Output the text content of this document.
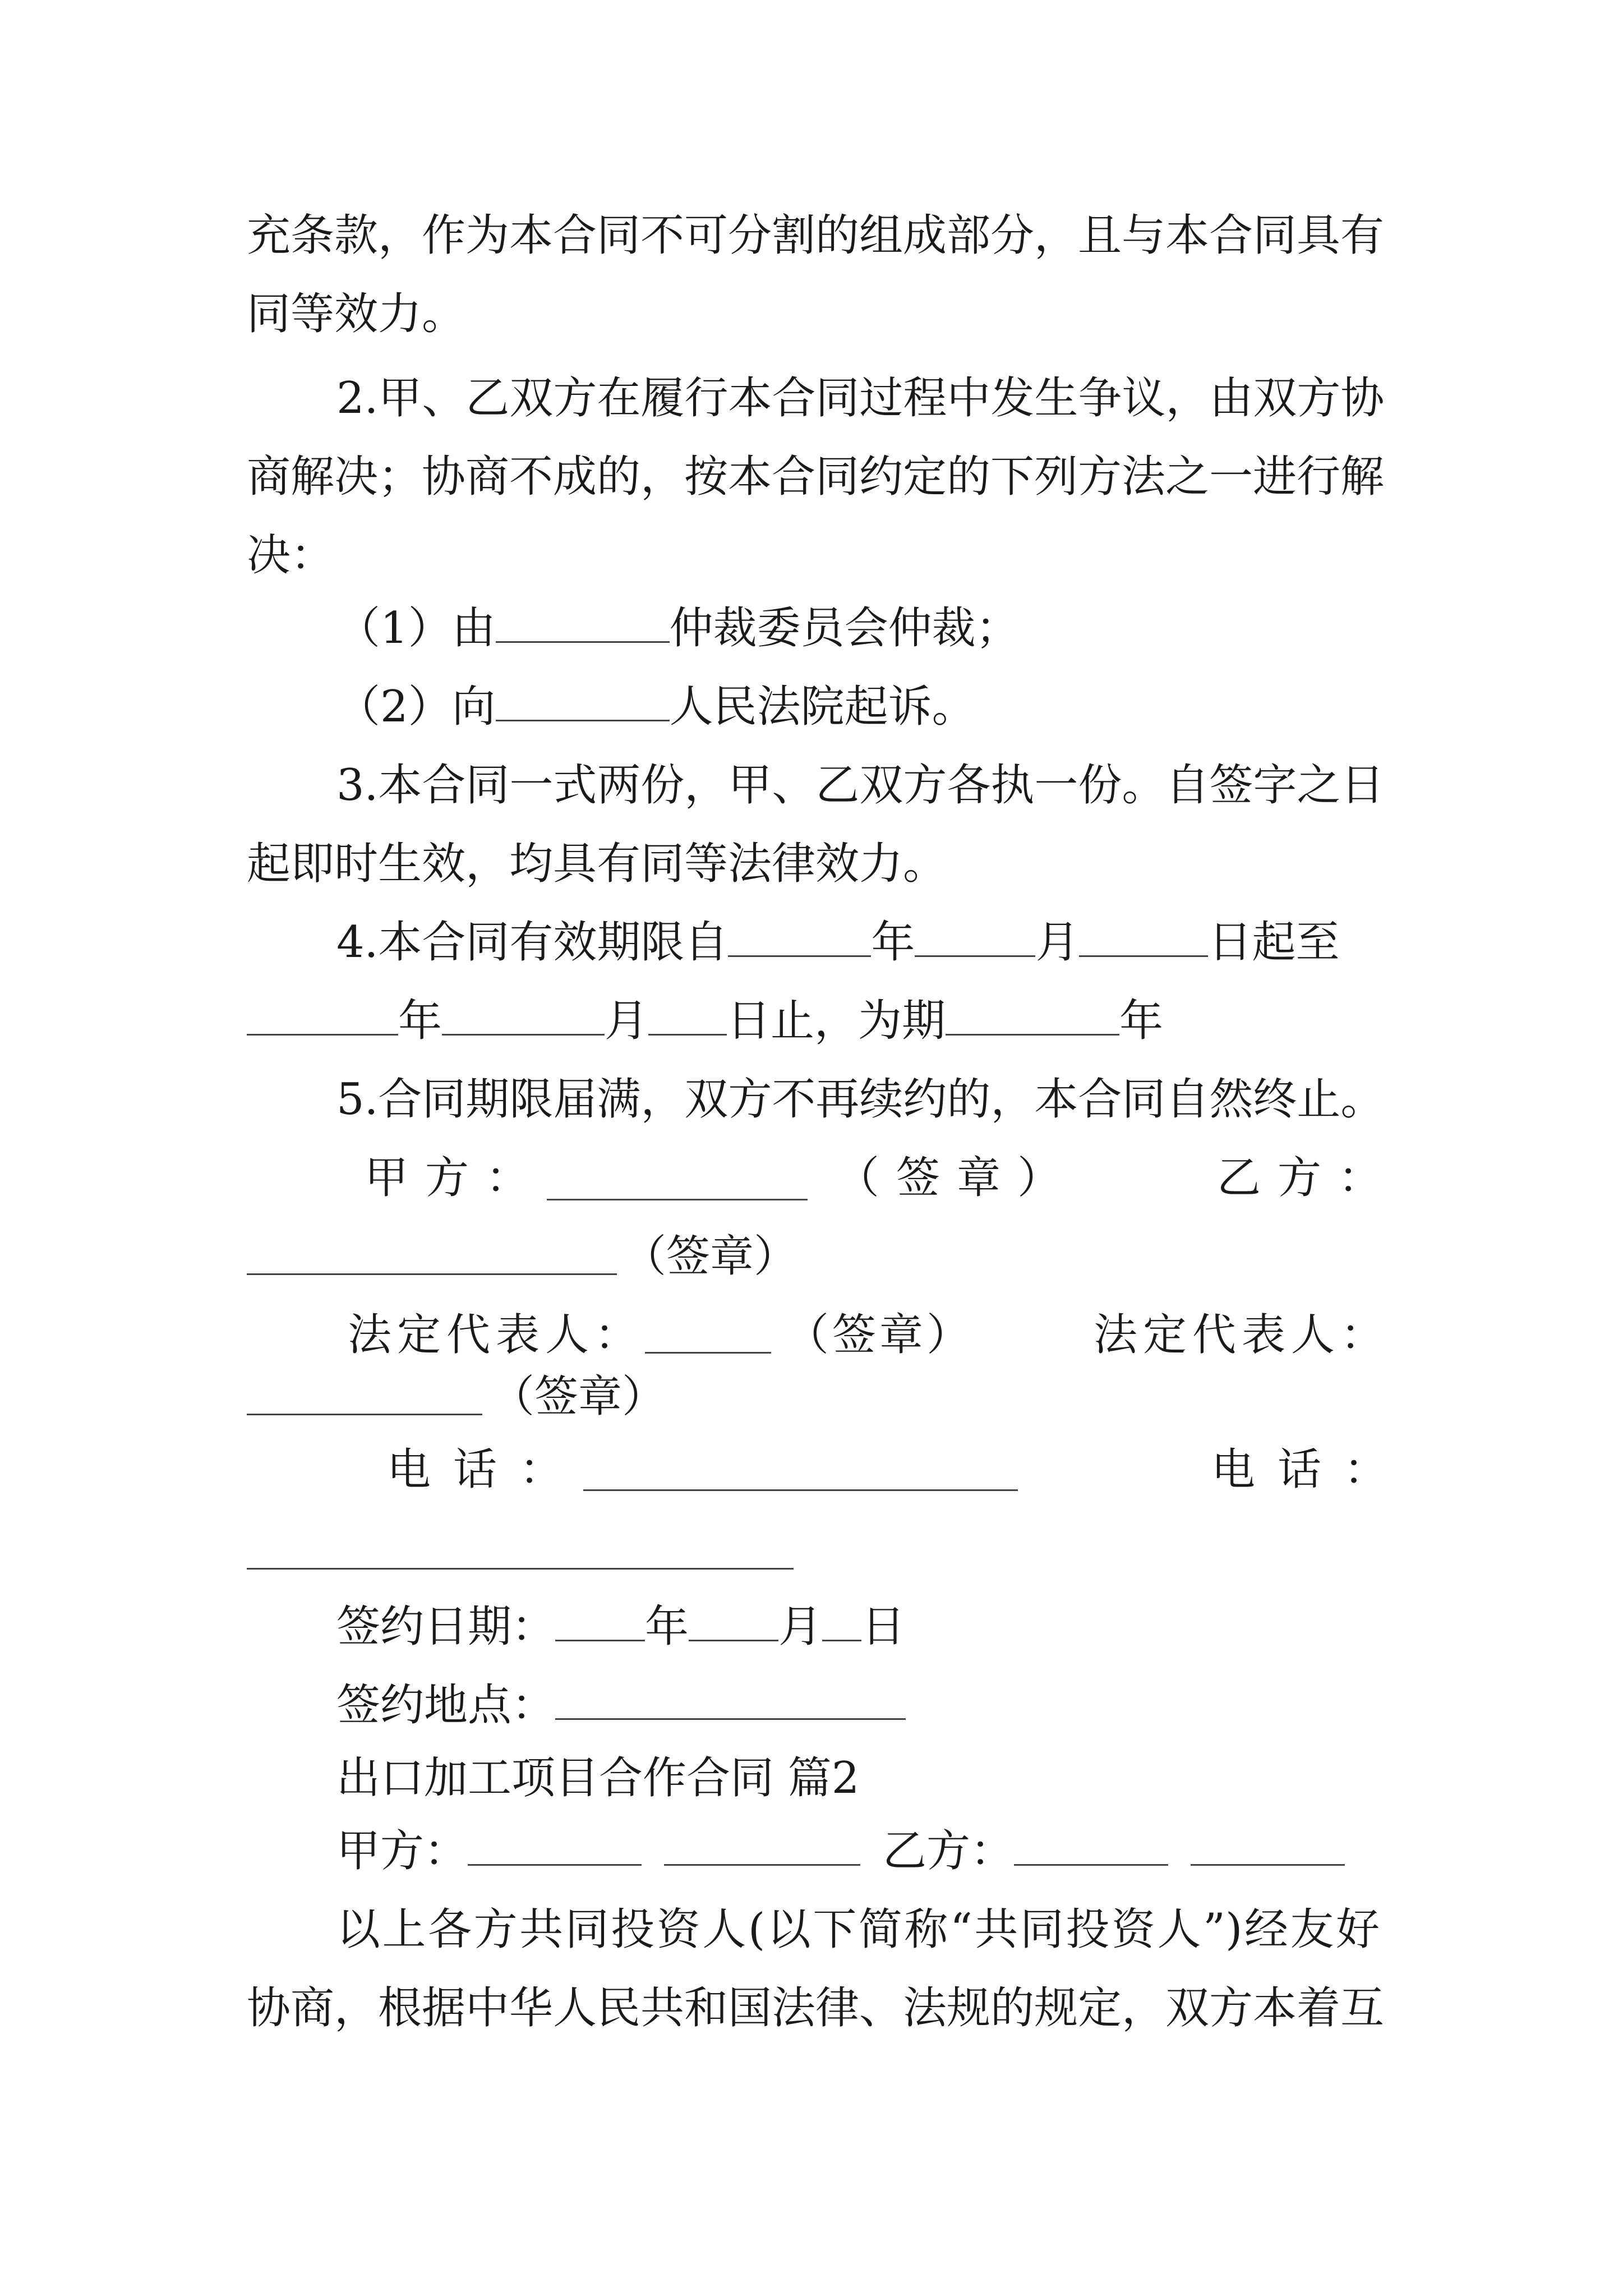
充条款，作为本合同不可分割的组成部分，且与本合同具有
同等效力。
2.甲、乙双方在履行本合同过程中发生争议，由双方协
商解决；协商不成的，按本合同约定的下列方法之一进行解
决：
（1）由	仲裁委员会仲裁；
（2）向	人民法院起诉。
3.本合同一式两份，甲、乙双方各执一份。自签字之日
起即时生效，均具有同等法律效力。
4.本合同有效期限自	年	月	日起至
年	月 日止，为期	年
5.合同期限届满，双方不再续约的，本合同自然终止。
甲方：	（签章）	乙方：
（签章）
法定代表人：	（签章）	法定代表人：
（签章）
电话：	电话：
签约日期： 年 月 日
签约地点：
出口加工项目合作合同 篇2
甲方：	乙方：
以上各方共同投资人(以下简称“共同投资人”)经友好
协商，根据中华人民共和国法律、法规的规定，双方本着互
